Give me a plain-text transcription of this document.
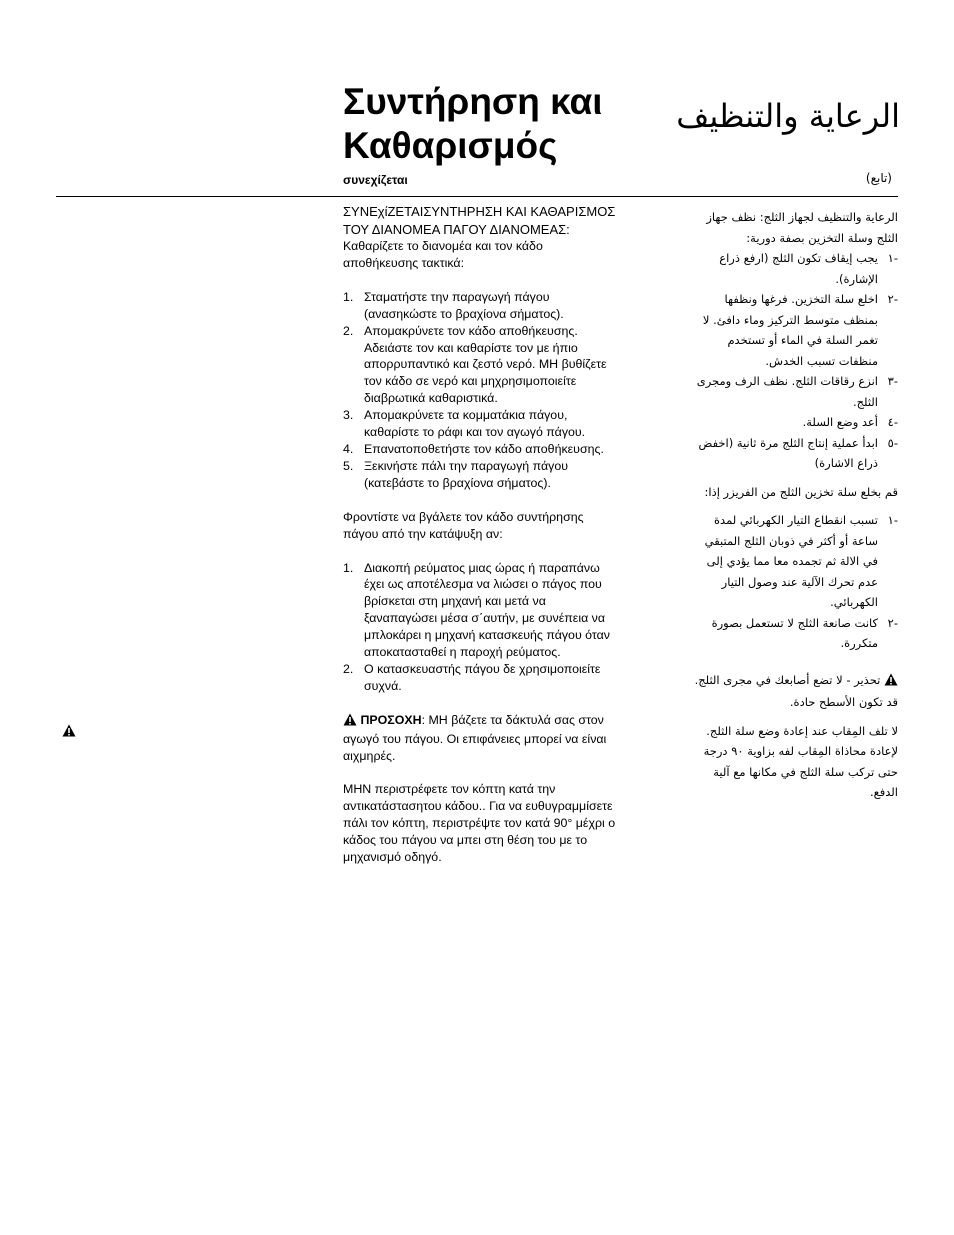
Συντήρηση και Καθαρισμός
الرعاية والتنظيف
συνεχίζεται	(تابع)

ΣΥΝΕχίΖΕΤΑΙΣΥΝΤΗΡΗΣΗ ΚΑΙ ΚΑΘΑΡΙΣΜΟΣ ΤΟΥ ΔΙΑΝΟΜΕΑ ΠΑΓΟΥ ΔΙΑΝΟΜΕΑΣ:

Καθαρίζετε το διανομέα και τον κάδο αποθήκευσης τακτικά:

1. Σταματήστε την παραγωγή πάγου (ανασηκώστε το βραχίονα σήματος).
2. Απομακρύνετε τον κάδο αποθήκευσης. Αδειάστε τον και καθαρίστε τον με ήπιο απορρυπαντικό και ζεστό νερό. ΜΗ βυθίζετε τον κάδο σε νερό και μηχρησιμοποιείτε διαβρωτικά καθαριστικά.
3. Απομακρύνετε τα κομματάκια πάγου, καθαρίστε το ράφι και τον αγωγό πάγου.
4. Επανατοποθετήστε τον κάδο αποθήκευσης.
5. Ξεκινήστε πάλι την παραγωγή πάγου (κατεβάστε το βραχίονα σήματος).

Φροντίστε να βγάλετε τον κάδο συντήρησης πάγου από την κατάψυξη αν:

1. Διακοπή ρεύματος μιας ώρας ή παραπάνω έχει ως αποτέλεσμα να λιώσει ο πάγος που βρίσκεται στη μηχανή και μετά να ξαναπαγώσει μέσα σ΄αυτήν, με συνέπεια να μπλοκάρει η μηχανή κατασκευής πάγου όταν αποκατασταθεί η παροχή ρεύματος.
2. Ο κατασκευαστής πάγου δε χρησιμοποιείτε συχνά.

ΠΡΟΣΟΧΗ: ΜΗ βάζετε τα δάκτυλά σας στον αγωγό του πάγου. Οι επιφάνειες μπορεί να είναι αιχμηρές.

ΜΗΝ περιστρέφετε τον κόπτη κατά την αντικατάστασητου κάδου.. Για να ευθυγραμμίσετε πάλι τον κόπτη, περιστρέψτε τον κατά 90° μέχρι ο κάδος του πάγου να μπει στη θέση του με το μηχανισμό οδηγό.

الرعاية والتنظيف لجهاز الثلج: نظف جهاز الثلج وسلة التخزين بصفة دورية:

-١
يجب إيقاف تكون الثلج (ارفع ذراع الإشارة).
-٢
اخلع سلة التخزين. فرغها ونظفها بمنظف متوسط التركيز وماء دافئ. لا تغمر السلة في الماء أو تستخدم منظفات تسبب الخدش.
-٣
انزع رقاقات الثلج. نظف الرف ومجرى الثلج.
-٤
أعد وضع السلة.
-٥
ابدأ عملية إنتاج الثلج مرة ثانية (اخفض ذراع الاشارة)

قم بخلع سلة تخزين الثلج من الفريزر إذا:

-١
تسبب انقطاع التيار الكهربائي لمدة ساعة أو أكثر في ذوبان الثلج المتبقي في الالة ثم تجمده معا مما يؤدي إلى عدم تحرك الآلية عند وصول التيار الكهربائي.
-٢
كانت صانعة الثلج لا تستعمل بصورة متكررة.

تحذير - لا تضع أصابعك في مجرى الثلج. قد تكون الأسطح حادة.

لا تلف المِقاب عند إعادة وضع سلة الثلج. لإعادة محاذاة المِقاب لفه بزاوية ٩٠ درجة حتى تركب سلة الثلج في مكانها مع آلية الدفع.
